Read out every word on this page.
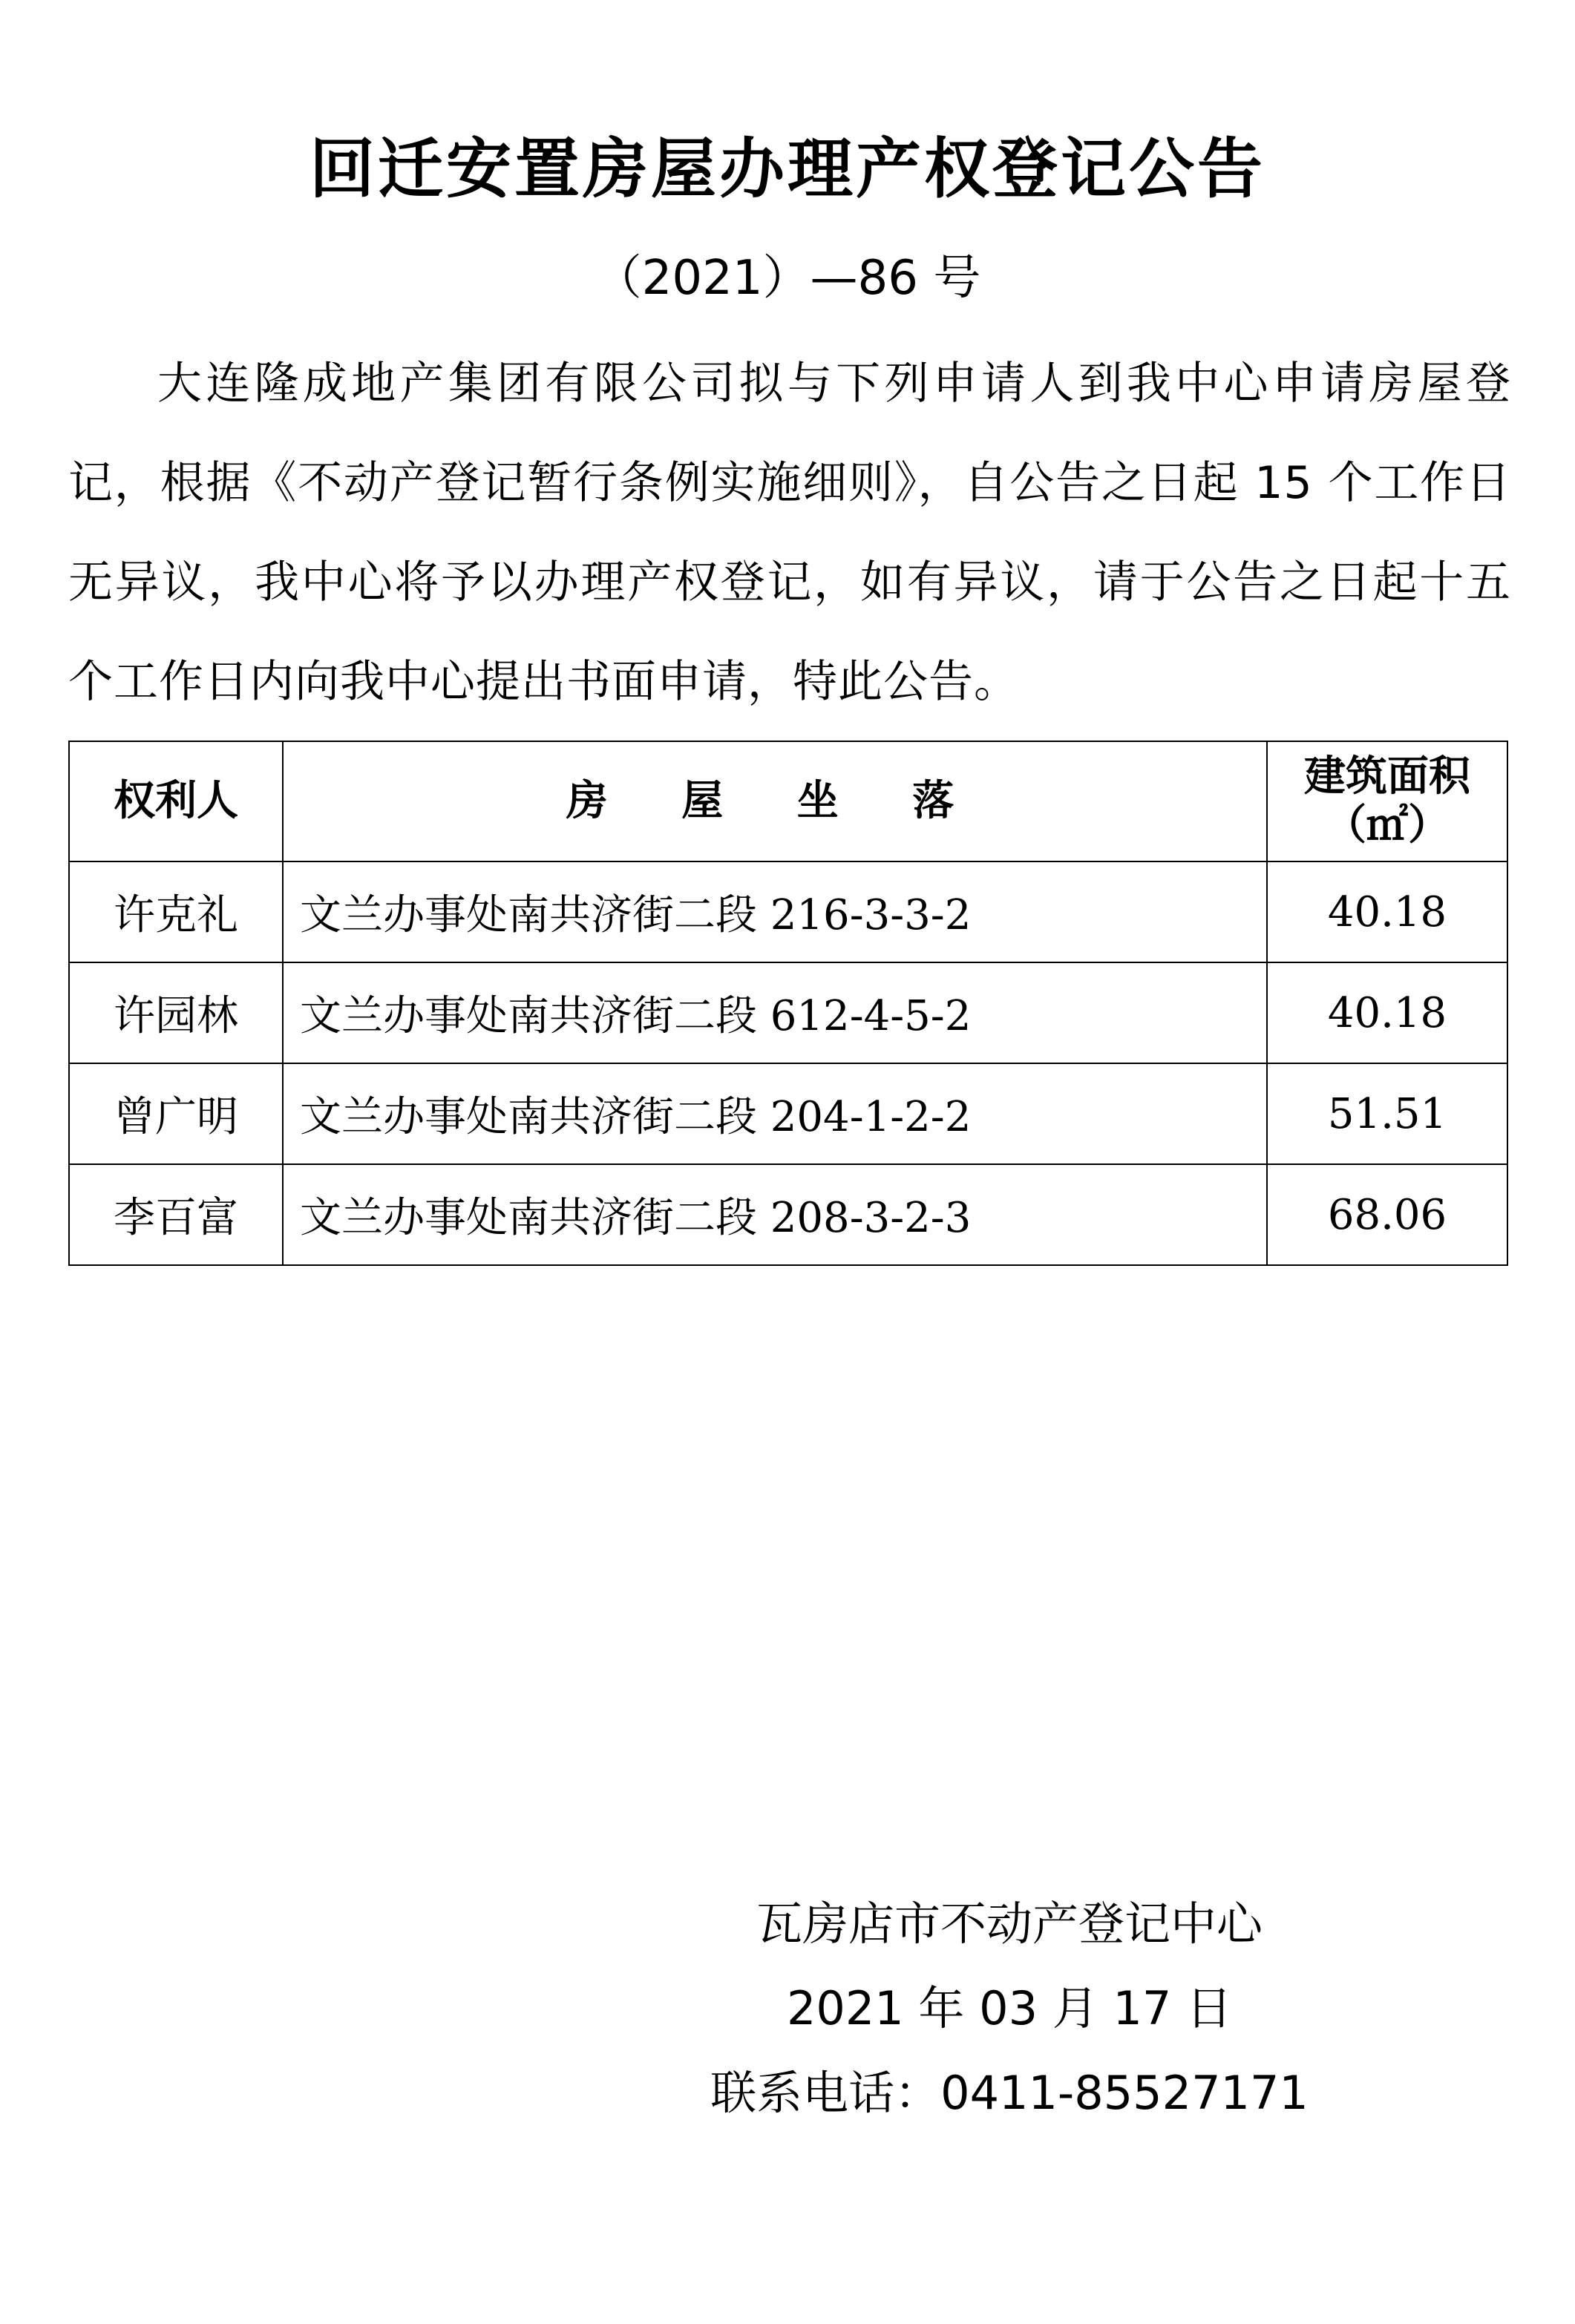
回迁安置房屋办理产权登记公告
（2021）—86 号
大连隆成地产集团有限公司拟与下列申请人到我中心申请房屋登记，根据《不动产登记暂行条例实施细则》，自公告之日起 15 个工作日无异议，我中心将予以办理产权登记，如有异议，请于公告之日起十五个工作日内向我中心提出书面申请，特此公告。
权利人	房 屋 坐 落	建筑面积
（㎡）

许克礼	文兰办事处南共济街二段 216-3-3-2	40.18
许园林	文兰办事处南共济街二段 612-4-5-2	40.18
曾广明	文兰办事处南共济街二段 204-1-2-2	51.51
李百富	文兰办事处南共济街二段 208-3-2-3	68.06
瓦房店市不动产登记中心
2021 年 03 月 17 日
联系电话：0411-85527171
